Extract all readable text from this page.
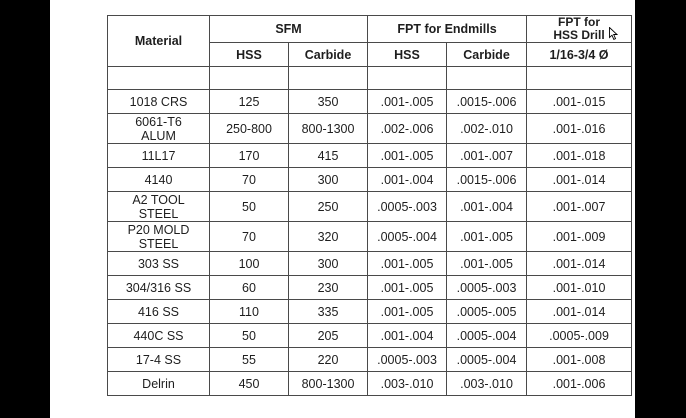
Material	SFM		FPT for Endmills		FPT for
HSS Drill

	HSS	Carbide	HSS	Carbide	1/16-3/4 Ø

1018 CRS	125	350	.001-.005	.0015-.006	.001-.015

6061-T6
ALUM	250-800	800-1300	.002-.006	.002-.010	.001-.016

11L17	170	415	.001-.005	.001-.007	.001-.018

4140	70	300	.001-.004	.0015-.006	.001-.014

A2 TOOL
STEEL	50	250	.0005-.003	.001-.004	.001-.007

P20 MOLD
STEEL	70	320	.0005-.004	.001-.005	.001-.009

303 SS	100	300	.001-.005	.001-.005	.001-.014

304/316 SS	60	230	.001-.005	.0005-.003	.001-.010

416 SS	110	335	.001-.005	.0005-.005	.001-.014

440C SS	50	205	.001-.004	.0005-.004	.0005-.009

17-4 SS	55	220	.0005-.003	.0005-.004	.001-.008

Delrin	450	800-1300	.003-.010	.003-.010	.001-.006
